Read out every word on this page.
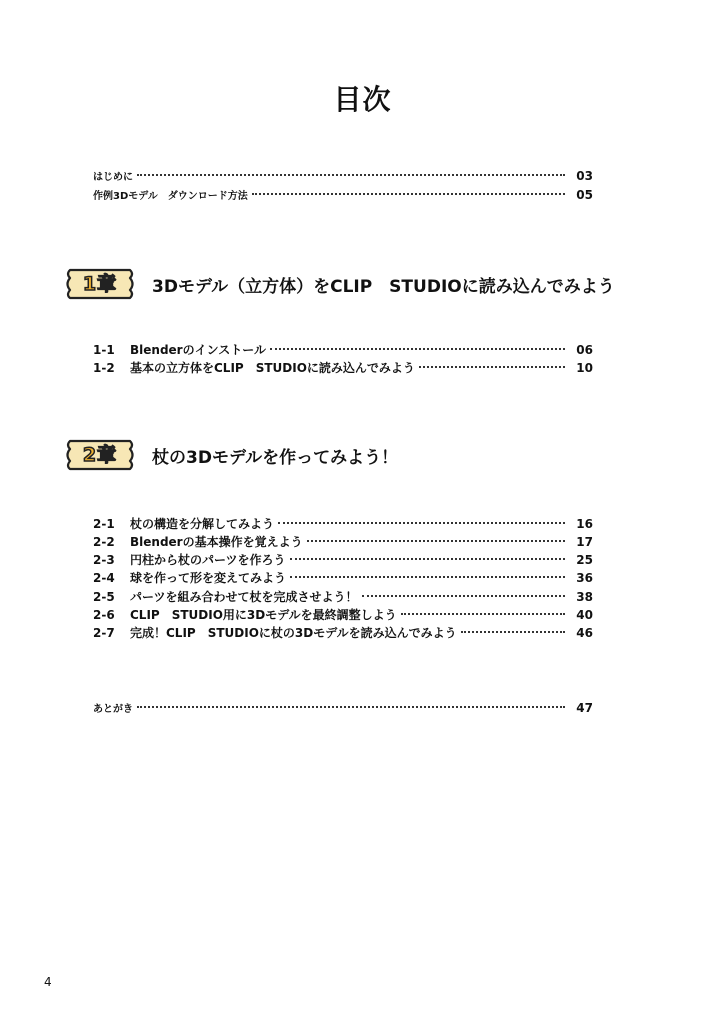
目次
はじめに	03
作例3Dモデル　ダウンロード方法	05
1章	3Dモデル（立方体）をCLIP　STUDIOに読み込んでみよう
1-1	Blenderのインストール	06
1-2	基本の立方体をCLIP　STUDIOに読み込んでみよう	10
2章	杖の3Dモデルを作ってみよう！
2-1	杖の構造を分解してみよう	16
2-2	Blenderの基本操作を覚えよう	17
2-3	円柱から杖のパーツを作ろう	25
2-4	球を作って形を変えてみよう	36
2-5	パーツを組み合わせて杖を完成させよう！	38
2-6	CLIP　STUDIO用に3Dモデルを最終調整しよう	40
2-7	完成！CLIP　STUDIOに杖の3Dモデルを読み込んでみよう	46
あとがき	47
4
